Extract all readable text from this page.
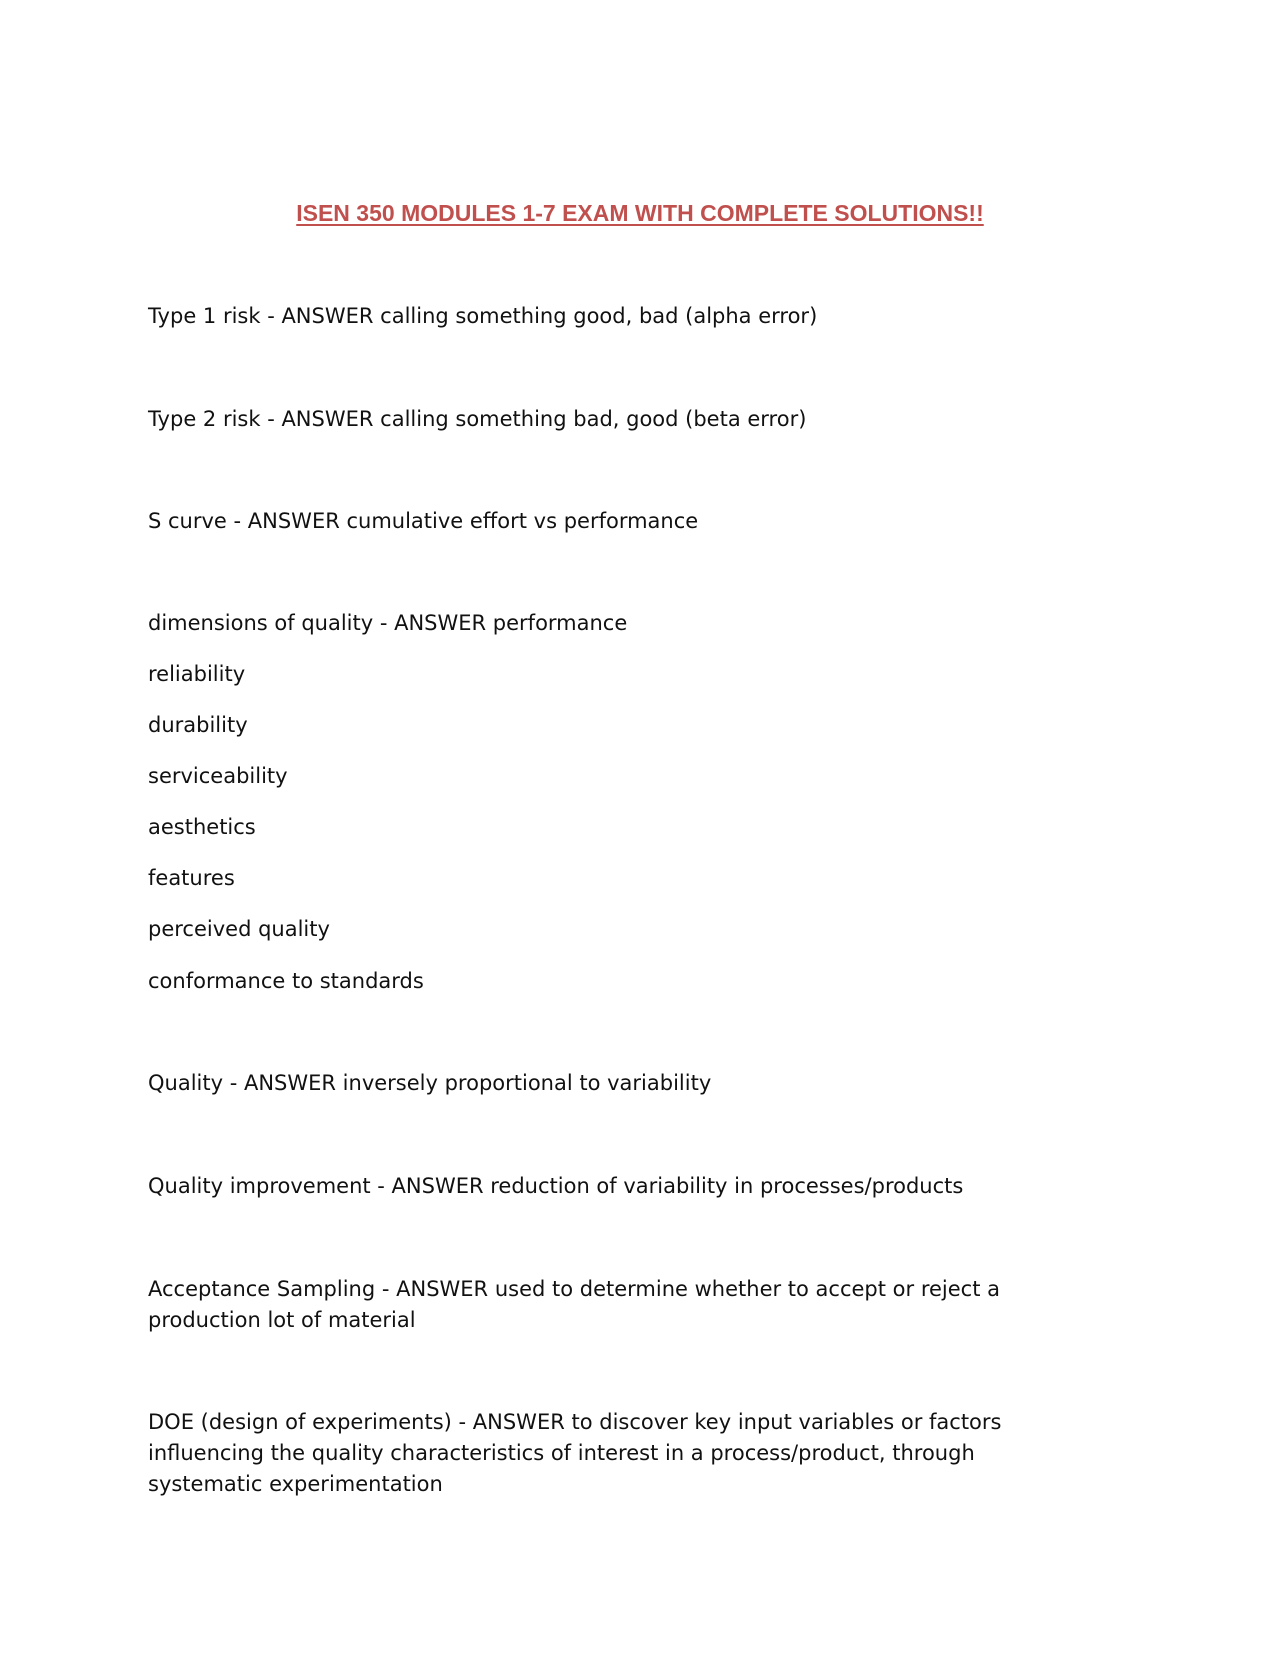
ISEN 350 MODULES 1-7 EXAM WITH COMPLETE SOLUTIONS!!

Type 1 risk - ANSWER calling something good, bad (alpha error)

Type 2 risk - ANSWER calling something bad, good (beta error)

S curve - ANSWER cumulative effort vs performance

dimensions of quality - ANSWER performance

reliability

durability

serviceability

aesthetics

features

perceived quality

conformance to standards

Quality - ANSWER inversely proportional to variability

Quality improvement - ANSWER reduction of variability in processes/products

Acceptance Sampling - ANSWER used to determine whether to accept or reject a production lot of material

DOE (design of experiments) - ANSWER to discover key input variables or factors influencing the quality characteristics of interest in a process/product, through systematic experimentation
